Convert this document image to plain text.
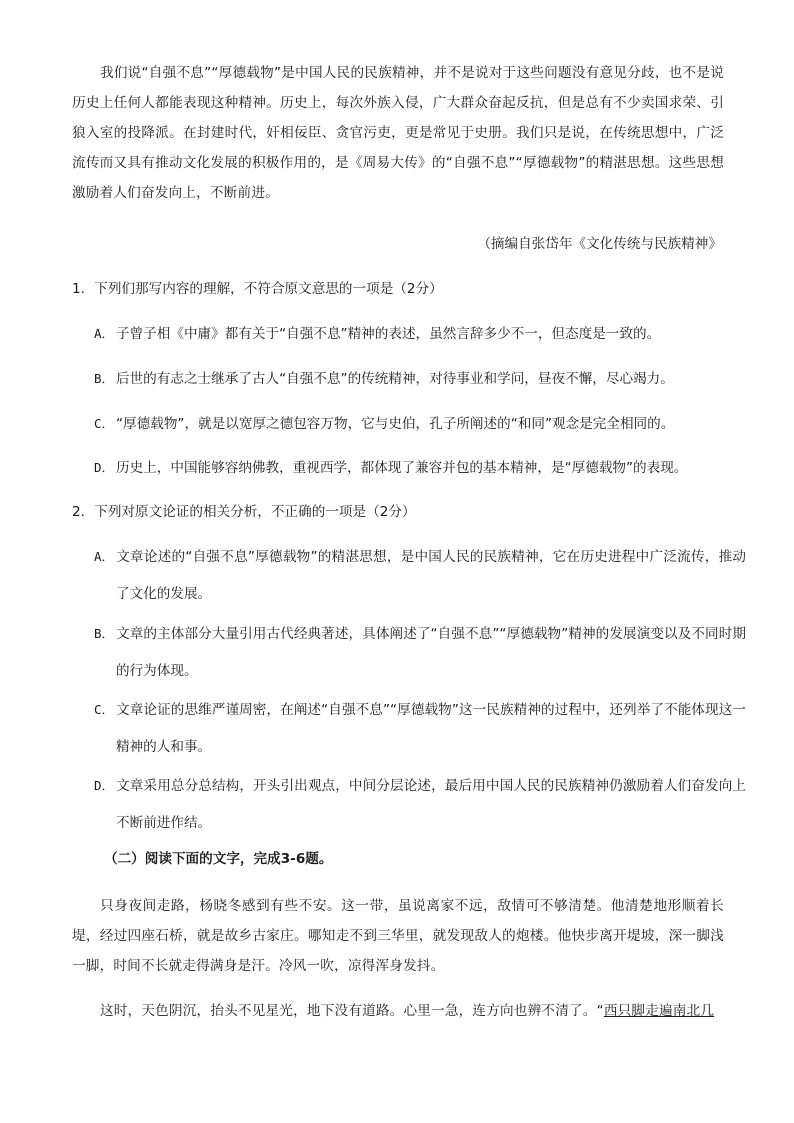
我们说“自强不息”“厚德载物”是中国人民的民族精神，并不是说对于这些问题没有意见分歧，也不是说历史上任何人都能表现这种精神。历史上，每次外族入侵，广大群众奋起反抗，但是总有不少卖国求荣、引狼入室的投降派。在封建时代，奸相佞臣、贪官污吏，更是常见于史册。我们只是说，在传统思想中，广泛流传而又具有推动文化发展的积极作用的，是《周易大传》的“自强不息”“厚德载物”的精湛思想。这些思想激励着人们奋发向上，不断前进。

（摘编自张岱年《文化传统与民族精神》

1．下列们那写内容的理解，不符合原文意思的一项是（2分）

A． 子曾子相《中庸》都有关于“自强不息”精神的表述，虽然言辞多少不一，但态度是一致的。

B． 后世的有志之士继承了古人“自强不息”的传统精神，对待事业和学问，昼夜不懈，尽心竭力。

C． “厚德载物”，就是以宽厚之德包容万物，它与史伯，孔子所阐述的“和同”观念是完全相同的。

D． 历史上，中国能够容纳佛教，重视西学，都体现了兼容并包的基本精神，是“厚德载物”的表现。

2．下列对原文论证的相关分析，不正确的一项是（2分）

A． 文章论述的“自强不息”厚德载物”的精湛思想，是中国人民的民族精神，它在历史进程中广泛流传，推动了文化的发展。

B． 文章的主体部分大量引用古代经典著述，具体阐述了“自强不息”“厚德载物”精神的发展演变以及不同时期的行为体现。

C． 文章论证的思维严谨周密，在阐述“自强不息”“厚德载物”这一民族精神的过程中，还列举了不能体现这一精神的人和事。

D． 文章采用总分总结构，开头引出观点，中间分层论述，最后用中国人民的民族精神仍激励着人们奋发向上不断前进作结。

（二）阅读下面的文字，完成3-6题。

只身夜间走路，杨晓冬感到有些不安。这一带，虽说离家不远，敌情可不够清楚。他清楚地形顺着长堤，经过四座石桥，就是故乡古家庄。哪知走不到三华里，就发现敌人的炮楼。他快步离开堤坡，深一脚浅一脚，时间不长就走得满身是汗。冷风一吹，凉得浑身发抖。

这时，天色阴沉，抬头不见星光，地下没有道路。心里一急，连方向也辨不清了。“西只脚走遍南北几
